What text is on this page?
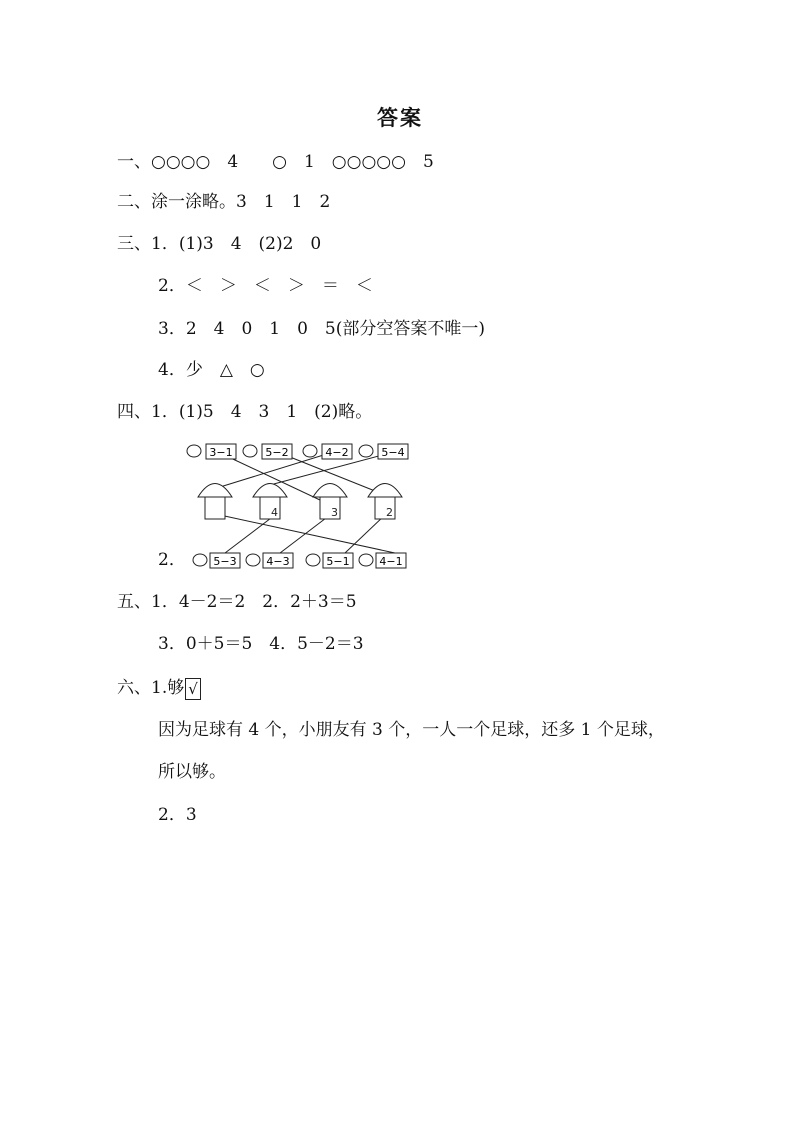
答案
一、○○○○　4　　○　1　○○○○○　5
二、涂一涂略。3　1　1　2
三、1．(1)3　4　(2)2　0
2．＜　＞　＜　＞　＝　＜
3．2　4　0　1　0　5(部分空答案不唯一)
4．少　△　○
四、1．(1)5　4　3　1　(2)略。
2．
3−1	5−2	4−2	5−4
4	3	2
5−3	4−3	5−1	4−1
五、1．4－2＝2　2．2＋3＝5
3．0＋5＝5　4．5－2＝3
六、1.够 √
因为足球有 4 个，小朋友有 3 个，一人一个足球，还多 1 个足球，
所以够。
2．3
